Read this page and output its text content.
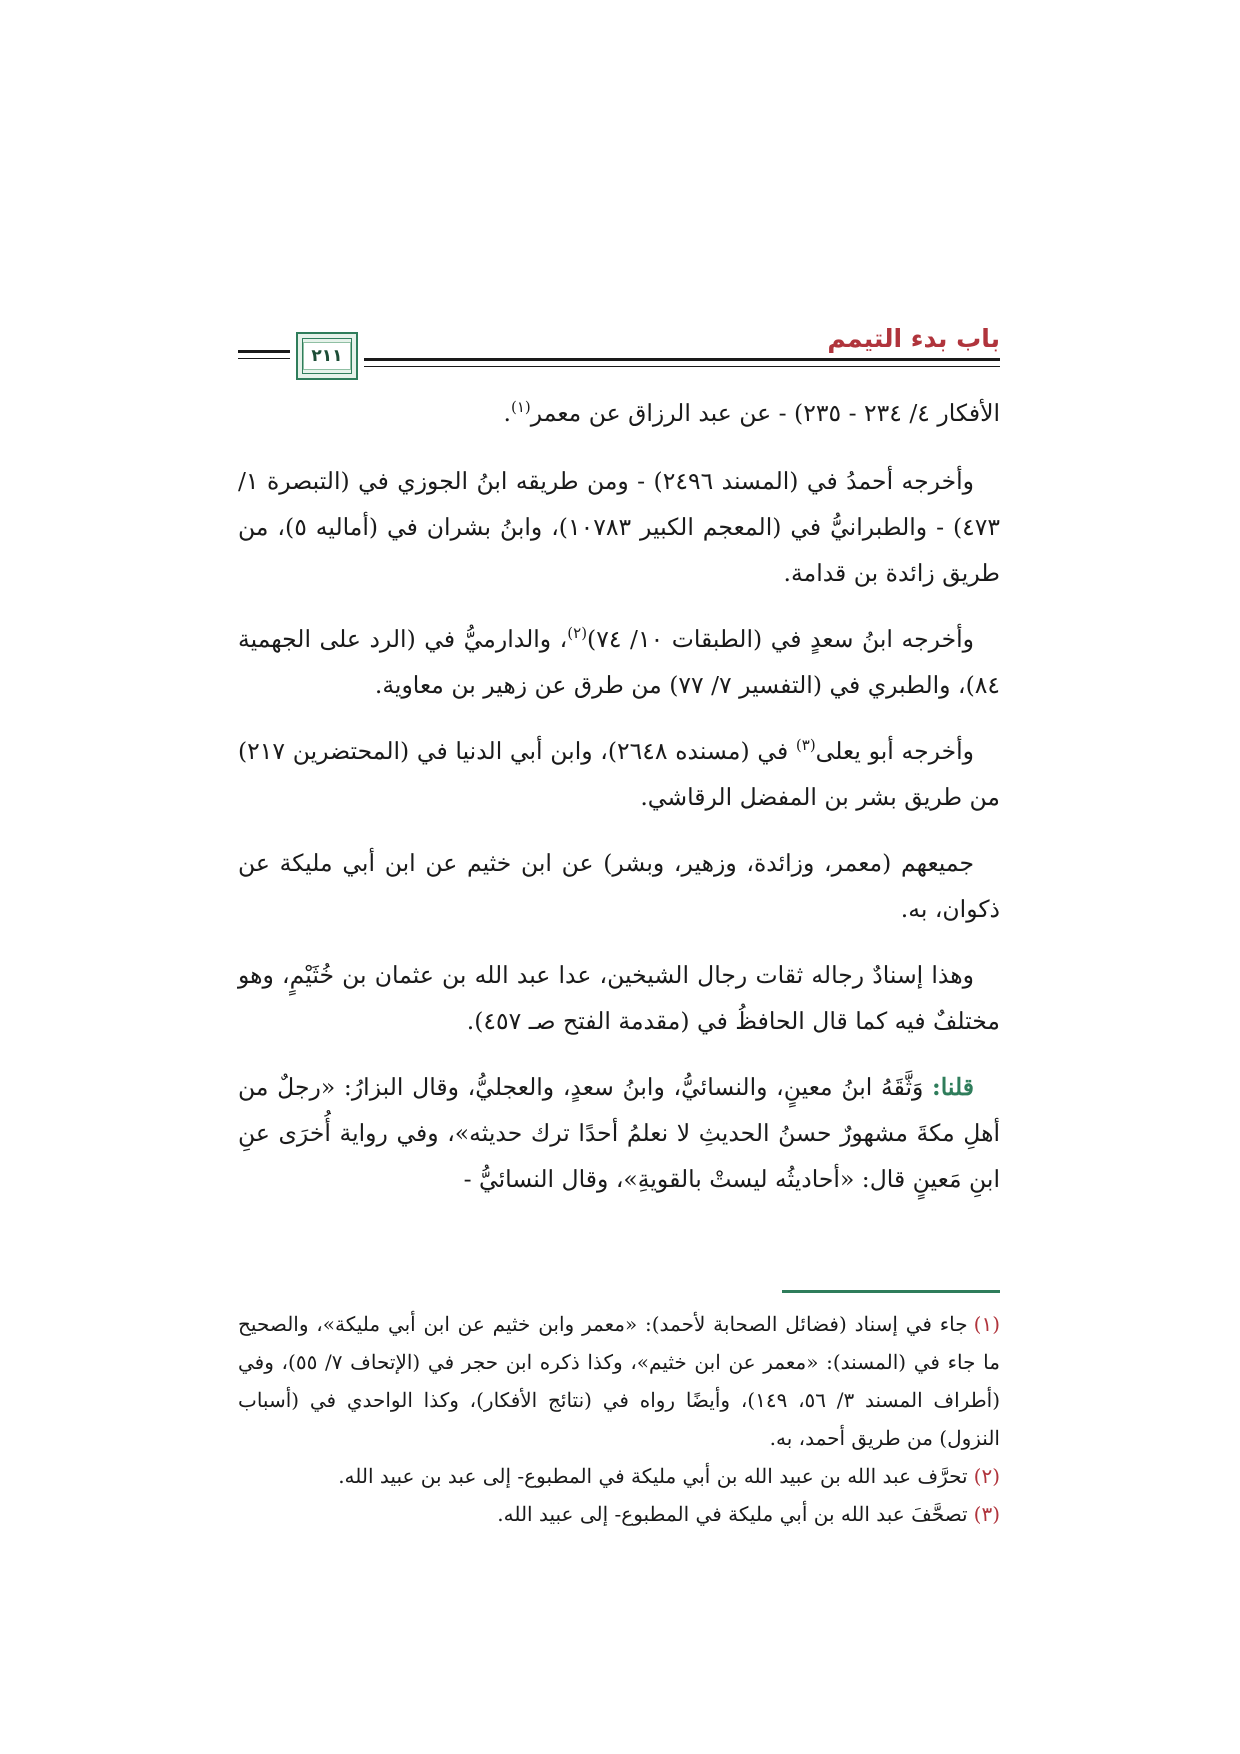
باب بدء التيمم
٢١١

الأفكار ٤/ ٢٣٤ - ٢٣٥) - عن عبد الرزاق عن معمر$^{(١)}$.

وأخرجه أحمدُ في (المسند ٢٤٩٦) - ومن طريقه ابنُ الجوزي في (التبصرة ١/ ٤٧٣) - والطبرانيُّ في (المعجم الكبير ١٠٧٨٣)، وابنُ بشران في (أماليه ٥)، من طريق زائدة بن قدامة.

وأخرجه ابنُ سعدٍ في (الطبقات ١٠/ ٧٤)$^{(٢)}$، والدارميُّ في (الرد على الجهمية ٨٤)، والطبري في (التفسير ٧/ ٧٧) من طرق عن زهير بن معاوية.

وأخرجه أبو يعلى$^{(٣)}$ في (مسنده ٢٦٤٨)، وابن أبي الدنيا في (المحتضرين ٢١٧) من طريق بشر بن المفضل الرقاشي.

جميعهم (معمر، وزائدة، وزهير، وبشر) عن ابن خثيم عن ابن أبي مليكة عن ذكوان، به.

وهذا إسنادٌ رجاله ثقات رجال الشيخين، عدا عبد الله بن عثمان بن خُثَيْمٍ، وهو مختلفٌ فيه كما قال الحافظُ في (مقدمة الفتح صـ ٤٥٧).

قلنا: وَثَّقَهُ ابنُ معينٍ، والنسائيُّ، وابنُ سعدٍ، والعجليُّ، وقال البزارُ: «رجلٌ من أهلِ مكةَ مشهورٌ حسنُ الحديثِ لا نعلمُ أحدًا ترك حديثه»، وفي رواية أُخرَى عنِ ابنِ مَعينٍ قال: «أحاديثُه ليستْ بالقويةِ»، وقال النسائيُّ -

(١)جاء في إسناد (فضائل الصحابة لأحمد): «معمر وابن خثيم عن ابن أبي مليكة»، والصحيح ما جاء في (المسند): «معمر عن ابن خثيم»، وكذا ذكره ابن حجر في (الإتحاف ٧/ ٥٥)، وفي (أطراف المسند ٣/ ٥٦، ١٤٩)، وأيضًا رواه في (نتائج الأفكار)، وكذا الواحدي في (أسباب النزول) من طريق أحمد، به.

(٢)تحرَّف عبد الله بن عبيد الله بن أبي مليكة في المطبوع- إلى عبد بن عبيد الله.

(٣)تصحَّفَ عبد الله بن أبي مليكة في المطبوع- إلى عبيد الله.
